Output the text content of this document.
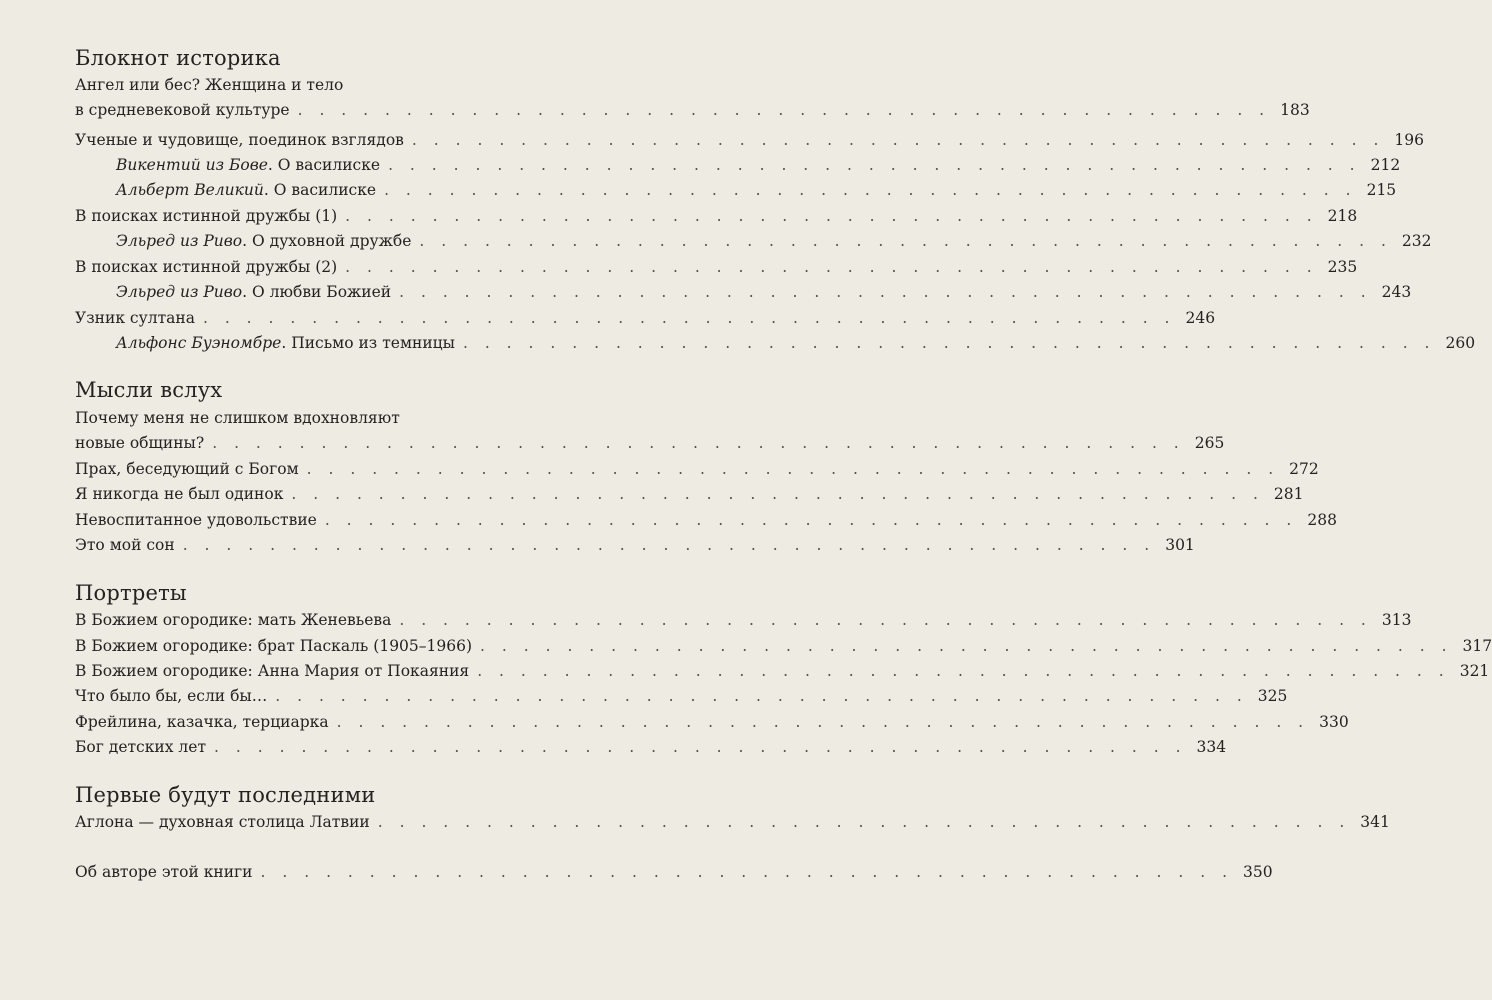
Блокнот историка
Ангел или бес? Женщина и тело
в средневековой культуре . . . . . . . . . . . . . . . . . . . . . . . . . . . . . . . . . . . . . . . . . . . . . 183
Ученые и чудовище, поединок взглядов . . . . . . . . . . . . . . . . . . . . . . . . . . . . . . . . . . . . . . . . . . . . . 196
Викентий из Бове. О василиске . . . . . . . . . . . . . . . . . . . . . . . . . . . . . . . . . . . . . . . . . . . . . 212
Альберт Великий. О василиске . . . . . . . . . . . . . . . . . . . . . . . . . . . . . . . . . . . . . . . . . . . . . 215
В поисках истинной дружбы (1) . . . . . . . . . . . . . . . . . . . . . . . . . . . . . . . . . . . . . . . . . . . . . 218
Эльред из Риво. О духовной дружбе . . . . . . . . . . . . . . . . . . . . . . . . . . . . . . . . . . . . . . . . . . . . . 232
В поисках истинной дружбы (2) . . . . . . . . . . . . . . . . . . . . . . . . . . . . . . . . . . . . . . . . . . . . . 235
Эльред из Риво. О любви Божией . . . . . . . . . . . . . . . . . . . . . . . . . . . . . . . . . . . . . . . . . . . . . 243
Узник султана . . . . . . . . . . . . . . . . . . . . . . . . . . . . . . . . . . . . . . . . . . . . . 246
Альфонс Буэномбре. Письмо из темницы . . . . . . . . . . . . . . . . . . . . . . . . . . . . . . . . . . . . . . . . . . . . . 260
Мысли вслух
Почему меня не слишком вдохновляют
новые общины? . . . . . . . . . . . . . . . . . . . . . . . . . . . . . . . . . . . . . . . . . . . . . 265
Прах, беседующий с Богом . . . . . . . . . . . . . . . . . . . . . . . . . . . . . . . . . . . . . . . . . . . . . 272
Я никогда не был одинок . . . . . . . . . . . . . . . . . . . . . . . . . . . . . . . . . . . . . . . . . . . . . 281
Невоспитанное удовольствие . . . . . . . . . . . . . . . . . . . . . . . . . . . . . . . . . . . . . . . . . . . . . 288
Это мой сон . . . . . . . . . . . . . . . . . . . . . . . . . . . . . . . . . . . . . . . . . . . . . 301
Портреты
В Божием огородике: мать Женевьева . . . . . . . . . . . . . . . . . . . . . . . . . . . . . . . . . . . . . . . . . . . . . 313
В Божием огородике: брат Паскаль (1905–1966) . . . . . . . . . . . . . . . . . . . . . . . . . . . . . . . . . . . . . . . . . . . . . 317
В Божием огородике: Анна Мария от Покаяния . . . . . . . . . . . . . . . . . . . . . . . . . . . . . . . . . . . . . . . . . . . . . 321
Что было бы, если бы… . . . . . . . . . . . . . . . . . . . . . . . . . . . . . . . . . . . . . . . . . . . . . 325
Фрейлина, казачка, терциарка . . . . . . . . . . . . . . . . . . . . . . . . . . . . . . . . . . . . . . . . . . . . . 330
Бог детских лет . . . . . . . . . . . . . . . . . . . . . . . . . . . . . . . . . . . . . . . . . . . . . 334
Первые будут последними
Аглона — духовная столица Латвии . . . . . . . . . . . . . . . . . . . . . . . . . . . . . . . . . . . . . . . . . . . . . 341
Об авторе этой книги . . . . . . . . . . . . . . . . . . . . . . . . . . . . . . . . . . . . . . . . . . . . . 350
